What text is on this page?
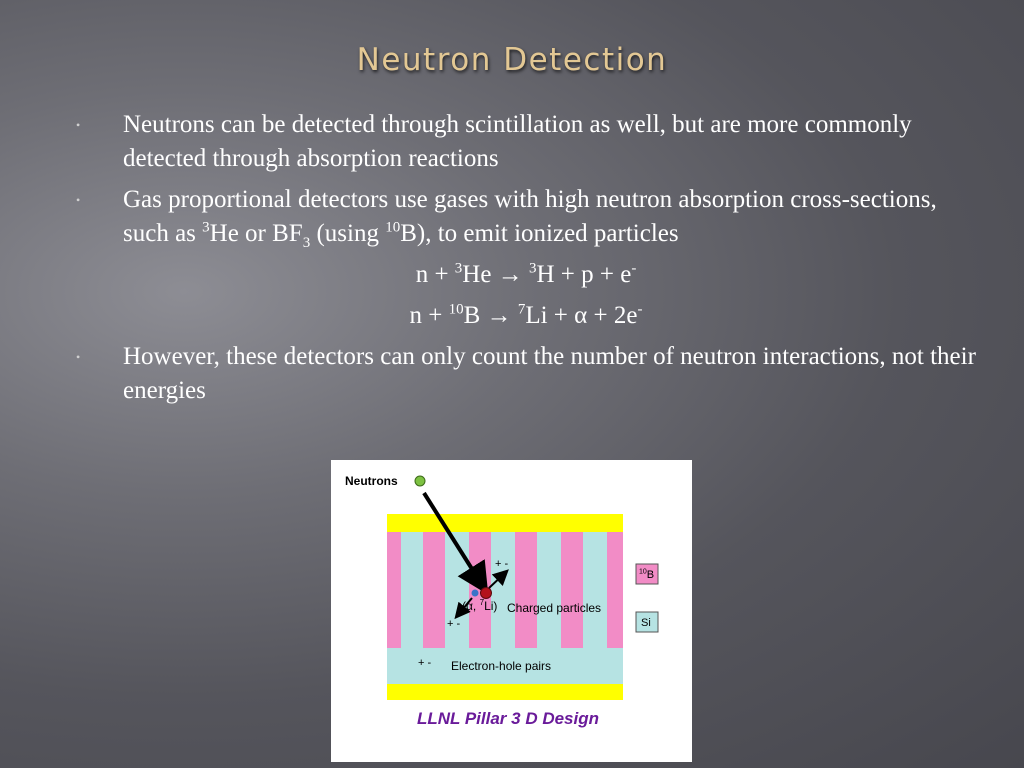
Neutron Detection
• Neutrons can be detected through scintillation as well, but are more commonly detected through absorption reactions
• Gas proportional detectors use gases with high neutron absorption cross-sections, such as $^3$He or $BF_3$ (using $^{10}$B), to emit ionized particles
n + $^3$He → $^3$H + p + e-
n + $^{10}$B → $^7$Li + α + 2e-
• However, these detectors can only count the number of neutron interactions, not their energies
Neutrons
+ -
(α, $^7$Li) Charged particles
+ -
+ - Electron-hole pairs
$^{10}$B
Si
LLNL Pillar 3 D Design
